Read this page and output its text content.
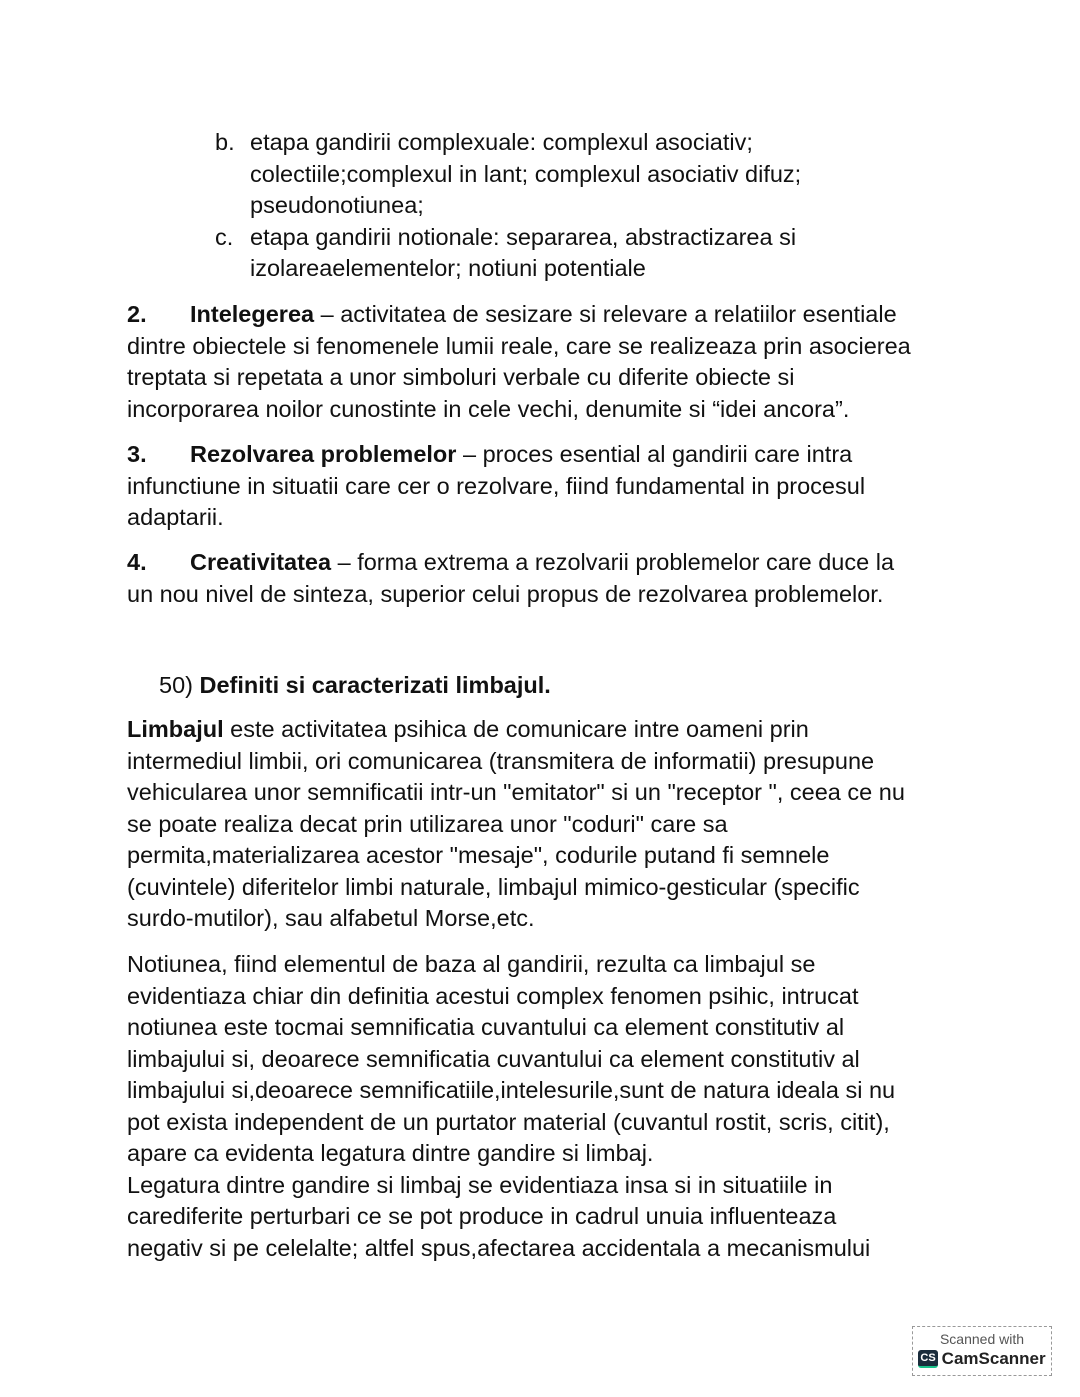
b. etapa gandirii complexuale: complexul asociativ;
colectiile;complexul in lant; complexul asociativ difuz;
pseudonotiunea;
c. etapa gandirii notionale: separarea, abstractizarea si
izolareaelementelor; notiuni potentiale
2. Intelegerea – activitatea de sesizare si relevare a relatiilor esentiale
dintre obiectele si fenomenele lumii reale, care se realizeaza prin asocierea
treptata si repetata a unor simboluri verbale cu diferite obiecte si
incorporarea noilor cunostinte in cele vechi, denumite si “idei ancora”.
3. Rezolvarea problemelor – proces esential al gandirii care intra
infunctiune in situatii care cer o rezolvare, fiind fundamental in procesul
adaptarii.
4. Creativitatea – forma extrema a rezolvarii problemelor care duce la
un nou nivel de sinteza, superior celui propus de rezolvarea problemelor.
50) Definiti si caracterizati limbajul.
Limbajul este activitatea psihica de comunicare intre oameni prin
intermediul limbii, ori comunicarea (transmitera de informatii) presupune
vehicularea unor semnificatii intr-un "emitator" si un "receptor ", ceea ce nu
se poate realiza decat prin utilizarea unor "coduri" care sa
permita,materializarea acestor "mesaje", codurile putand fi semnele
(cuvintele) diferitelor limbi naturale, limbajul mimico-gesticular (specific
surdo-mutilor), sau alfabetul Morse,etc.
Notiunea, fiind elementul de baza al gandirii, rezulta ca limbajul se
evidentiaza chiar din definitia acestui complex fenomen psihic, intrucat
notiunea este tocmai semnificatia cuvantului ca element constitutiv al
limbajului si, deoarece semnificatia cuvantului ca element constitutiv al
limbajului si,deoarece semnificatiile,intelesurile,sunt de natura ideala si nu
pot exista independent de un purtator material (cuvantul rostit, scris, citit),
apare ca evidenta legatura dintre gandire si limbaj.
Legatura dintre gandire si limbaj se evidentiaza insa si in situatiile in
carediferite perturbari ce se pot produce in cadrul unuia influenteaza
negativ si pe celelalte; altfel spus,afectarea accidentala a mecanismului
Scanned with
CS CamScanner
